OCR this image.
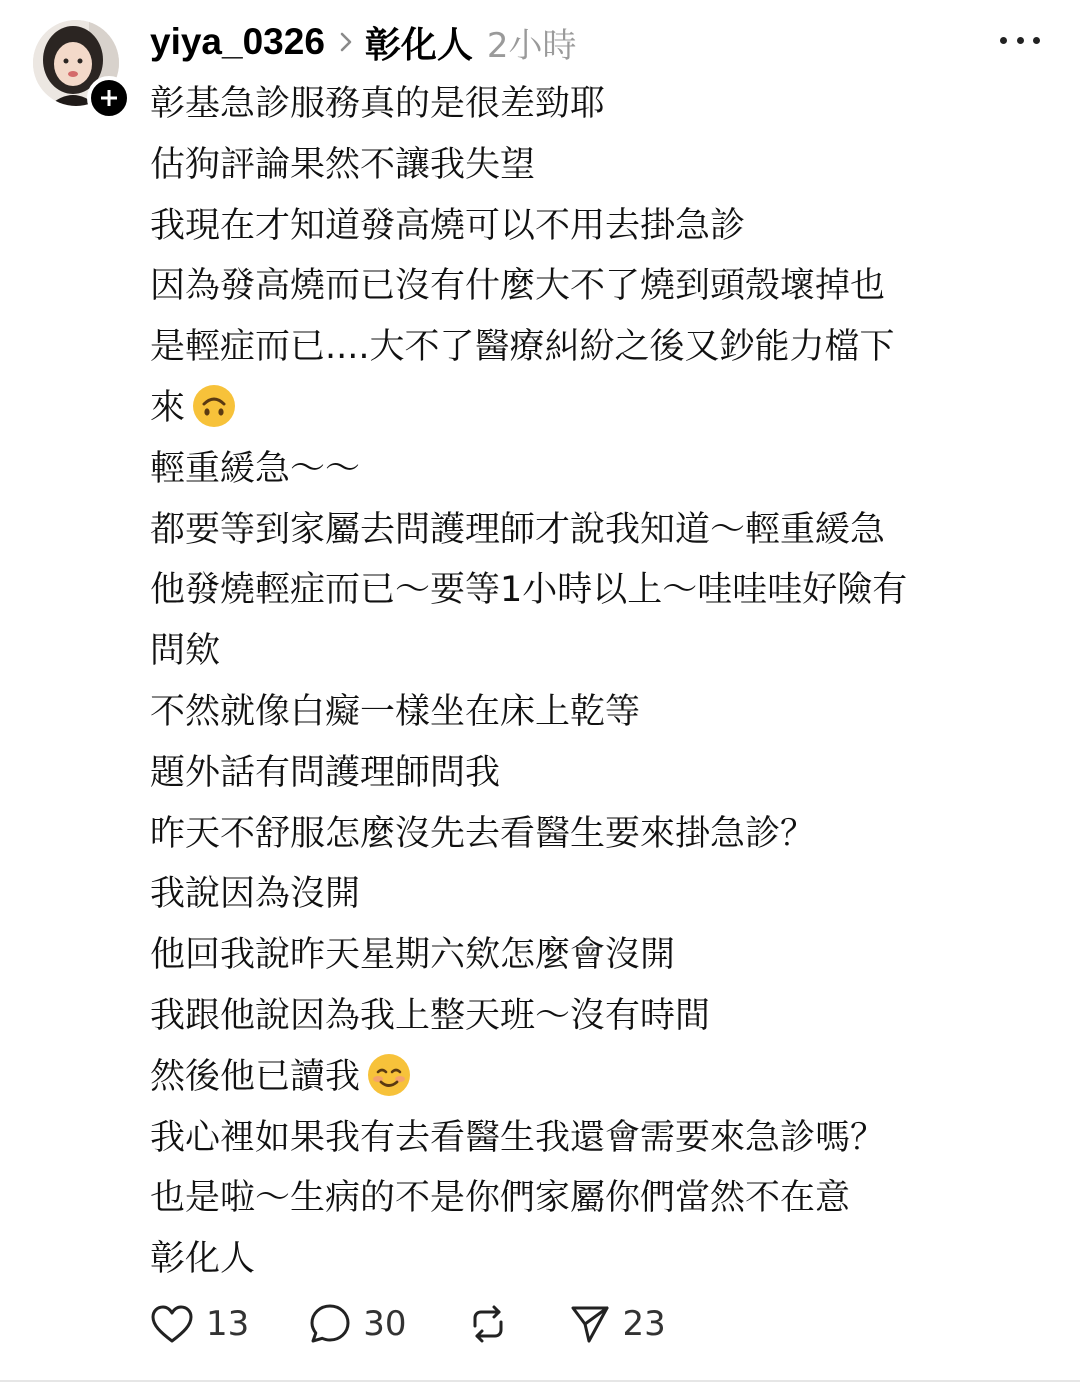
yiya_0326 彰化人 2小時
彰基急診服務真的是很差勁耶
估狗評論果然不讓我失望
我現在才知道發高燒可以不用去掛急診
因為發高燒而已沒有什麼大不了燒到頭殼壞掉也
是輕症而已....大不了醫療糾紛之後又鈔能力檔下
來
輕重緩急～～
都要等到家屬去問護理師才說我知道～輕重緩急
他發燒輕症而已～要等1小時以上～哇哇哇好險有
問欸
不然就像白癡一樣坐在床上乾等
題外話有問護理師問我
昨天不舒服怎麼沒先去看醫生要來掛急診？
我說因為沒開
他回我說昨天星期六欸怎麼會沒開
我跟他說因為我上整天班～沒有時間
然後他已讀我
我心裡如果我有去看醫生我還會需要來急診嗎？
也是啦～生病的不是你們家屬你們當然不在意
彰化人
13	30	23
